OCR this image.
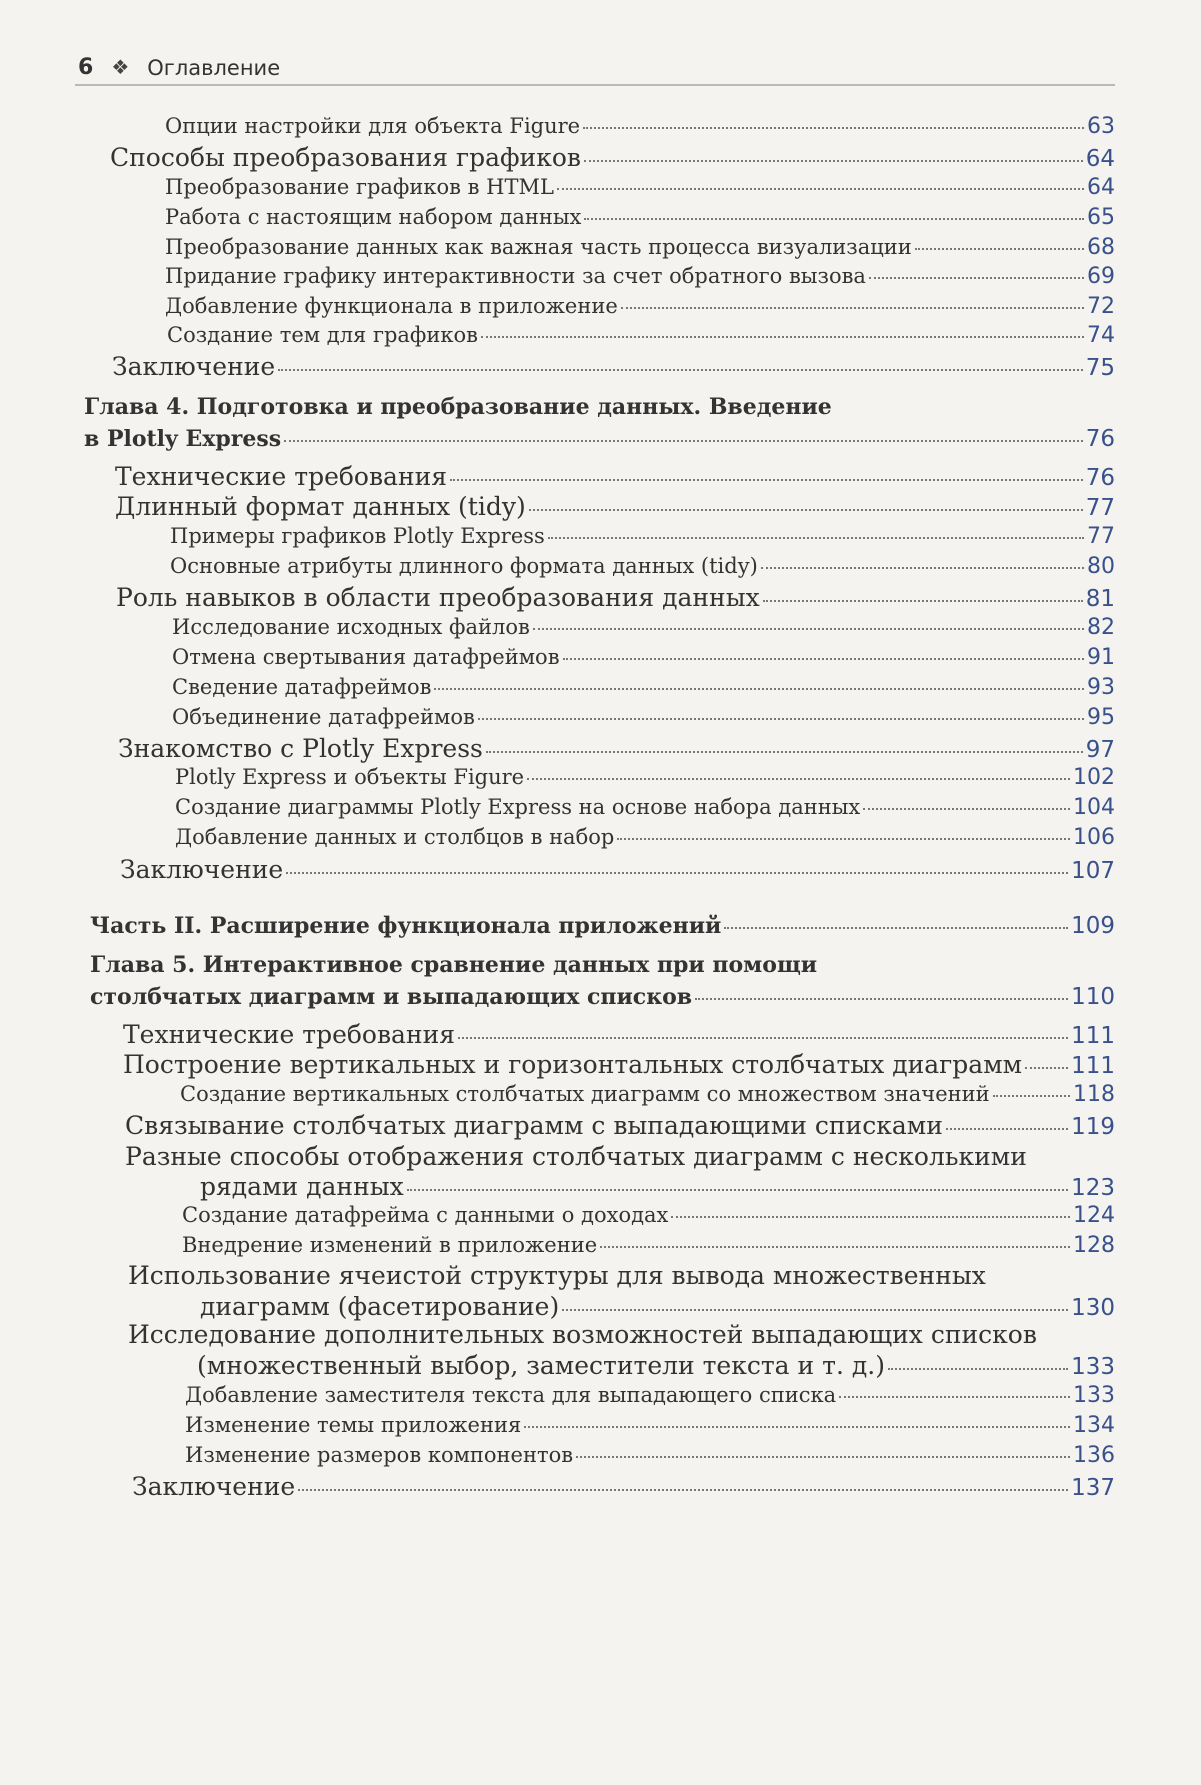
6 ❖ Оглавление
Опции настройки для объекта Figure	63
Способы преобразования графиков	64
Преобразование графиков в HTML	64
Работа с настоящим набором данных	65
Преобразование данных как важная часть процесса визуализации	68
Придание графику интерактивности за счет обратного вызова	69
Добавление функционала в приложение	72
Создание тем для графиков	74
Заключение	75
Глава 4. Подготовка и преобразование данных. Введение
в Plotly Express	76
Технические требования	76
Длинный формат данных (tidy)	77
Примеры графиков Plotly Express	77
Основные атрибуты длинного формата данных (tidy)	80
Роль навыков в области преобразования данных	81
Исследование исходных файлов	82
Отмена свертывания датафреймов	91
Сведение датафреймов	93
Объединение датафреймов	95
Знакомство с Plotly Express	97
Plotly Express и объекты Figure	102
Создание диаграммы Plotly Express на основе набора данных	104
Добавление данных и столбцов в набор	106
Заключение	107
Часть II. Расширение функционала приложений	109
Глава 5. Интерактивное сравнение данных при помощи
столбчатых диаграмм и выпадающих списков	110
Технические требования	111
Построение вертикальных и горизонтальных столбчатых диаграмм 111
Создание вертикальных столбчатых диаграмм со множеством значений	118
Связывание столбчатых диаграмм с выпадающими списками	119
Разные способы отображения столбчатых диаграмм с несколькими
рядами данных	123
Создание датафрейма с данными о доходах	124
Внедрение изменений в приложение	128
Использование ячеистой структуры для вывода множественных
диаграмм (фасетирование)	130
Исследование дополнительных возможностей выпадающих списков
(множественный выбор, заместители текста и т. д.)	133
Добавление заместителя текста для выпадающего списка	133
Изменение темы приложения	134
Изменение размеров компонентов	136
Заключение	137
